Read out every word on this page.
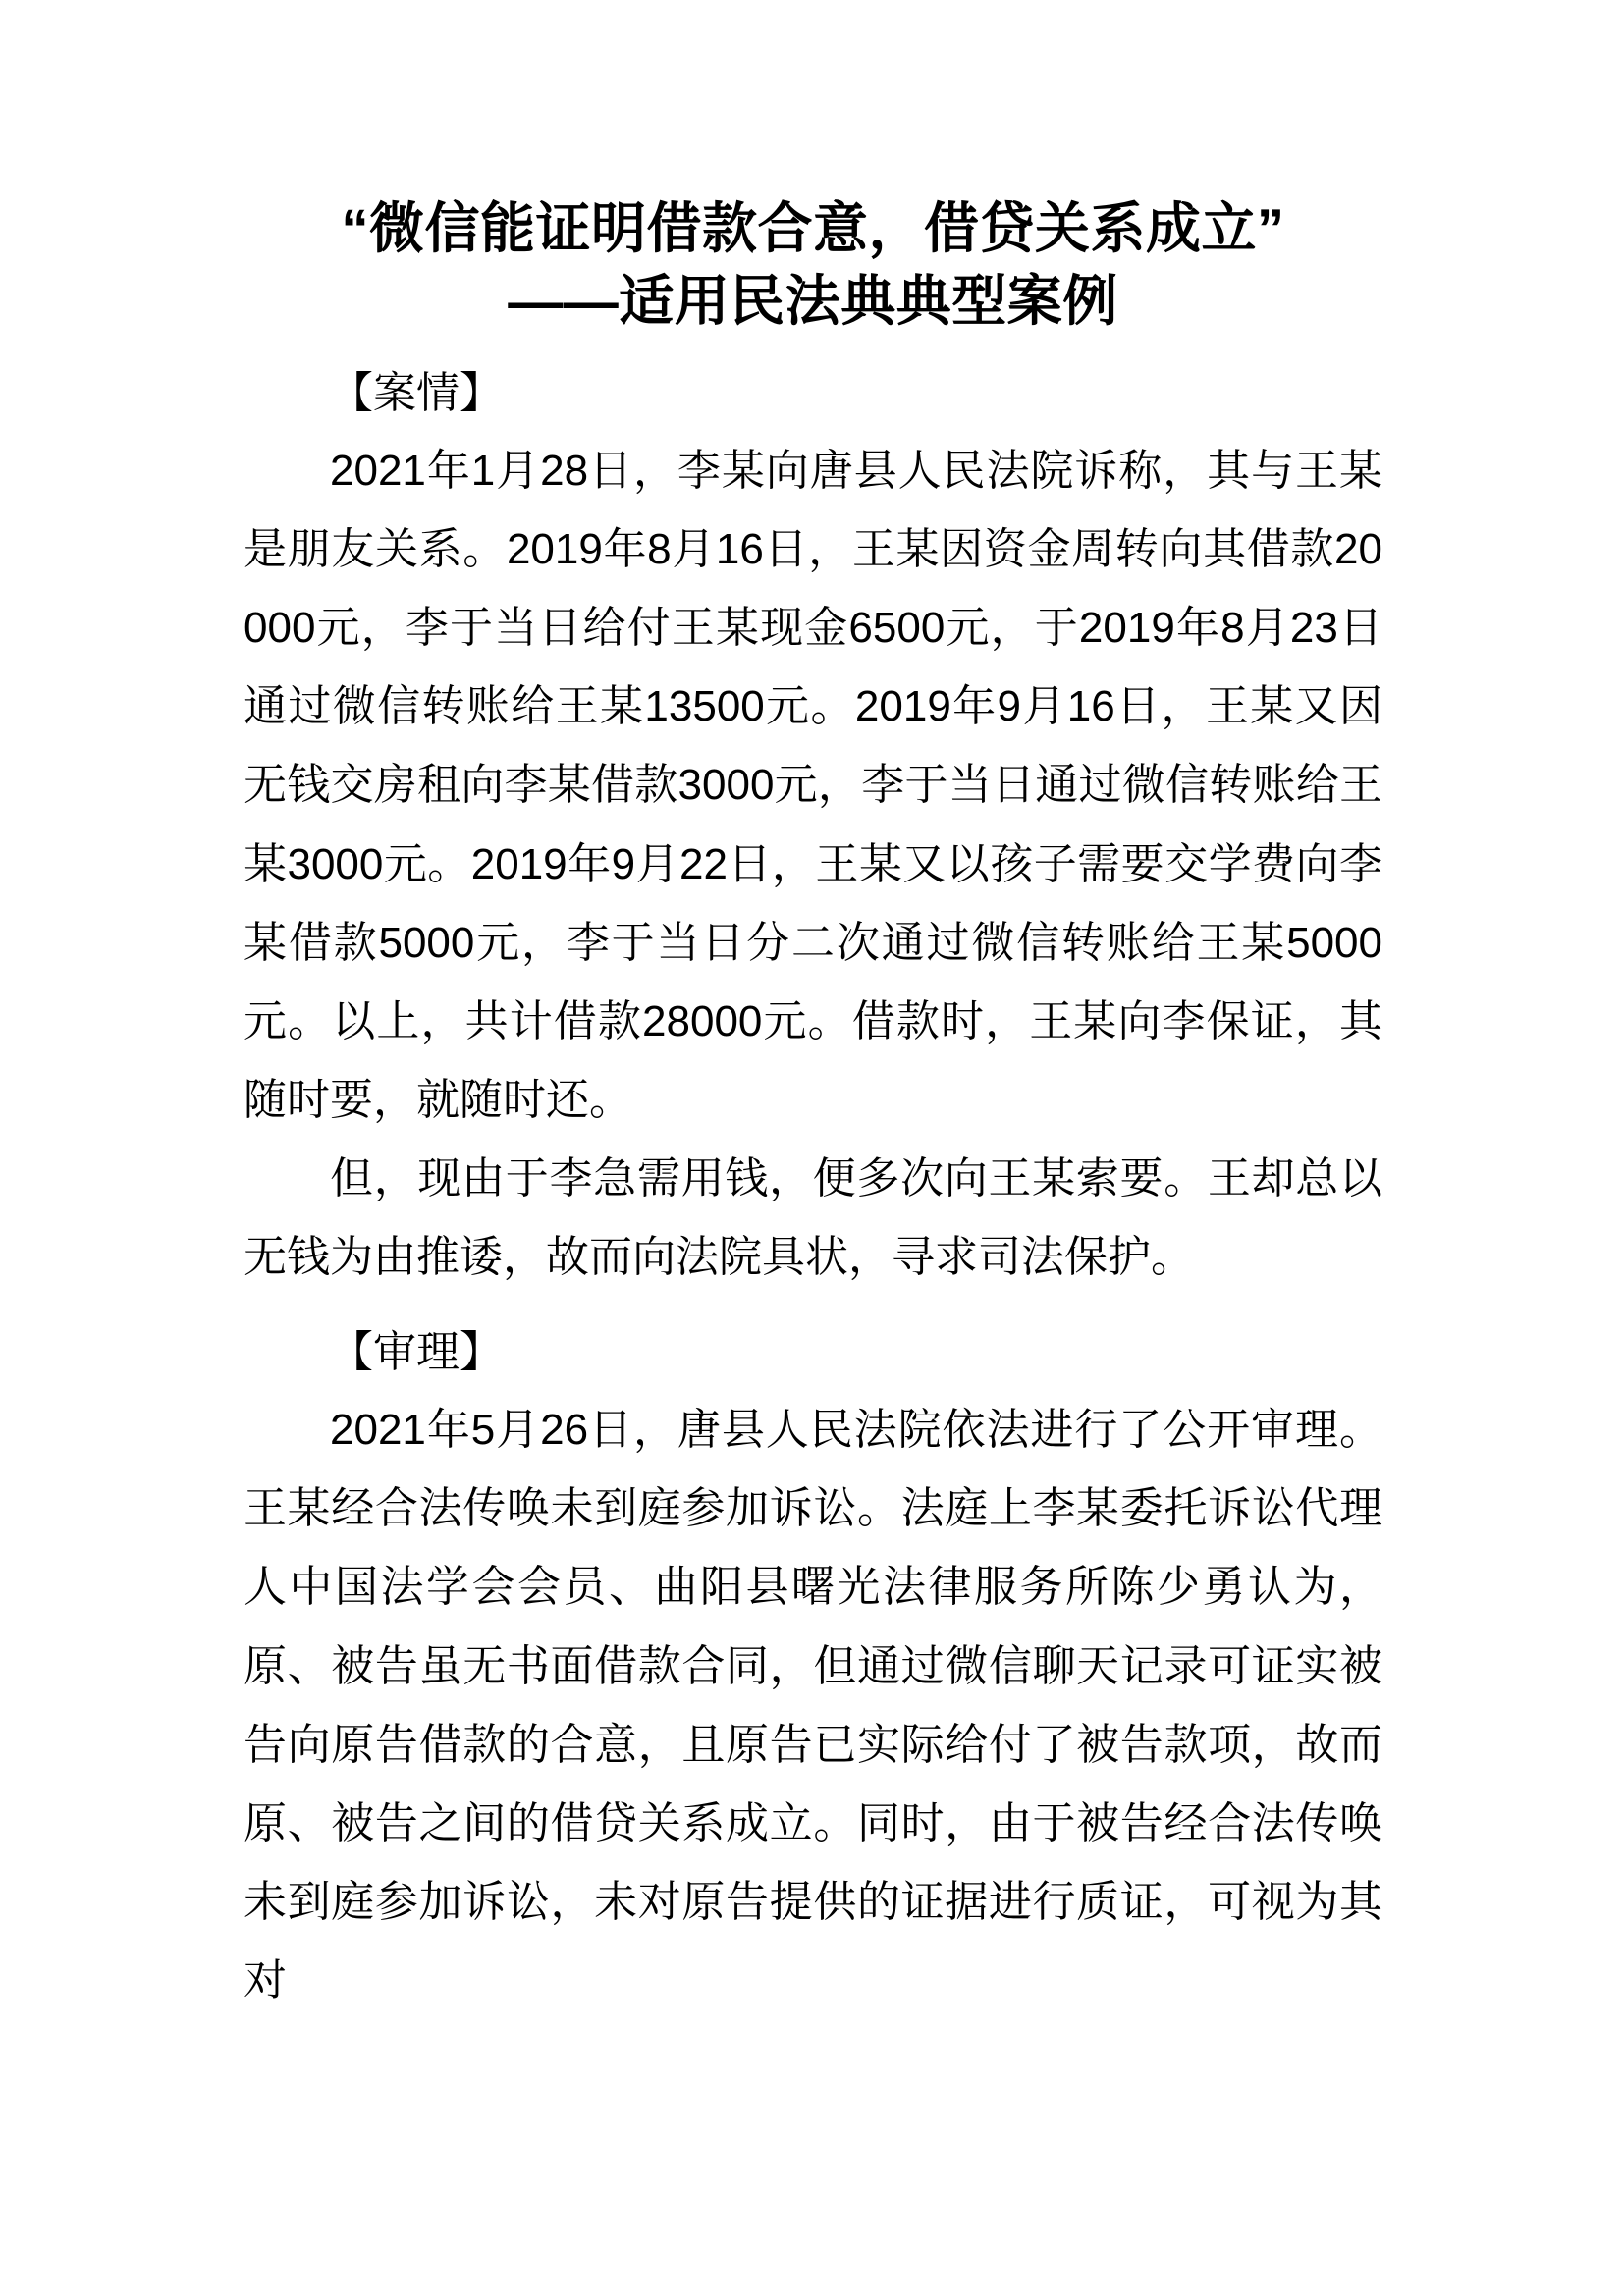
“微信能证明借款合意，借贷关系成立”
——适用民法典典型案例
【案情】

2021年1月28日，李某向唐县人民法院诉称，其与王某是朋友关系。2019年8月16日，王某因资金周转向其借款20000元，李于当日给付王某现金6500元，于2019年8月23日通过微信转账给王某13500元。2019年9月16日，王某又因无钱交房租向李某借款3000元，李于当日通过微信转账给王某3000元。2019年9月22日，王某又以孩子需要交学费向李某借款5000元，李于当日分二次通过微信转账给王某5000元。以上，共计借款28000元。借款时，王某向李保证，其随时要，就随时还。

但，现由于李急需用钱，便多次向王某索要。王却总以无钱为由推诿，故而向法院具状，寻求司法保护。

【审理】

2021年5月26日，唐县人民法院依法进行了公开审理。王某经合法传唤未到庭参加诉讼。法庭上李某委托诉讼代理人中国法学会会员、曲阳县曙光法律服务所陈少勇认为，原、被告虽无书面借款合同，但通过微信聊天记录可证实被告向原告借款的合意，且原告已实际给付了被告款项，故而原、被告之间的借贷关系成立。同时，由于被告经合法传唤未到庭参加诉讼，未对原告提供的证据进行质证，可视为其对
